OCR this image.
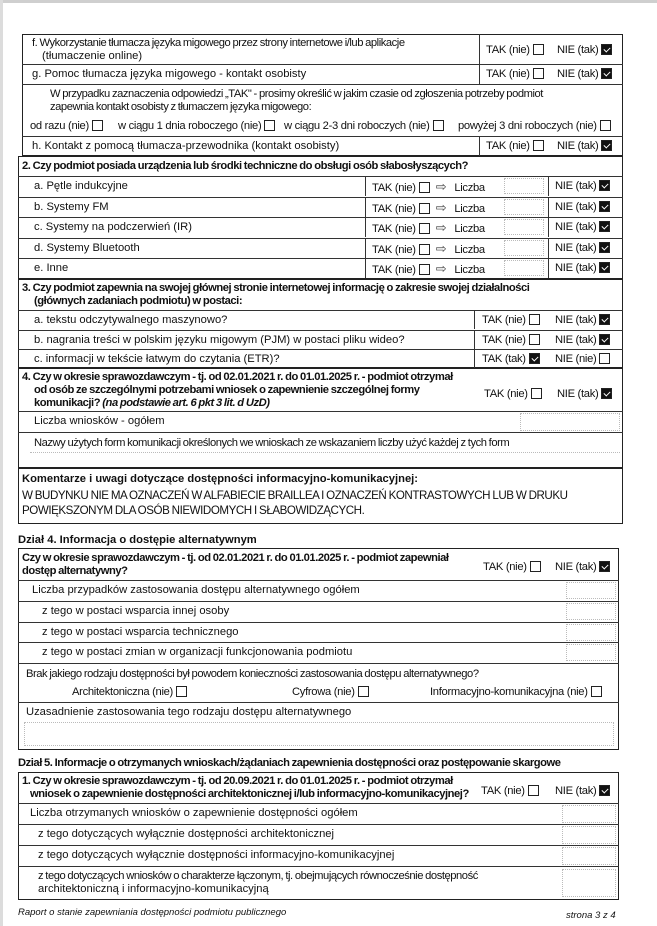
f. Wykorzystanie tłumacza języka migowego przez strony internetowe i/lub aplikacje
(tłumaczenie online)	TAK (nie)	NIE (tak)
g. Pomoc tłumacza języka migowego - kontakt osobisty	TAK (nie)	NIE (tak)
W przypadku zaznaczenia odpowiedzi „TAK" - prosimy określić w jakim czasie od zgłoszenia potrzeby podmiot
zapewnia kontakt osobisty z tłumaczem języka migowego:
od razu (nie)	w ciągu 1 dnia roboczego (nie)	w ciągu 2-3 dni roboczych (nie)	powyżej 3 dni roboczych (nie)
h. Kontakt z pomocą tłumacza-przewodnika (kontakt osobisty)	TAK (nie)	NIE (tak)
2. Czy podmiot posiada urządzenia lub środki techniczne do obsługi osób słabosłyszących?
a. Pętle indukcyjne	TAK (nie) ⇨ Liczba	NIE (tak)
b. Systemy FM	TAK (nie) ⇨ Liczba	NIE (tak)
c. Systemy na podczerwień (IR)	TAK (nie) ⇨ Liczba	NIE (tak)
d. Systemy Bluetooth	TAK (nie) ⇨ Liczba	NIE (tak)
e. Inne	TAK (nie) ⇨ Liczba	NIE (tak)
3. Czy podmiot zapewnia na swojej głównej stronie internetowej informację o zakresie swojej działalności
(głównych zadaniach podmiotu) w postaci:
a. tekstu odczytywalnego maszynowo?	TAK (nie)	NIE (tak)
b. nagrania treści w polskim języku migowym (PJM) w postaci pliku wideo?	TAK (nie)	NIE (tak)
c. informacji w tekście łatwym do czytania (ETR)?	TAK (tak)	NIE (nie)
4. Czy w okresie sprawozdawczym - tj. od 02.01.2021 r. do 01.01.2025 r. - podmiot otrzymał
od osób ze szczególnymi potrzebami wniosek o zapewnienie szczególnej formy
komunikacji? (na podstawie art. 6 pkt 3 lit. d UzD)
TAK (nie)	NIE (tak)
Liczba wniosków - ogółem
Nazwy użytych form komunikacji określonych we wnioskach ze wskazaniem liczby użyć każdej z tych form
Komentarze i uwagi dotyczące dostępności informacyjno-komunikacyjnej:
W BUDYNKU NIE MA OZNACZEŃ W ALFABIECIE BRAILLEA I OZNACZEŃ KONTRASTOWYCH LUB W DRUKU
POWIĘKSZONYM DLA OSÓB NIEWIDOMYCH I SŁABOWIDZĄCYCH.
Dział 4. Informacja o dostępie alternatywnym
Czy w okresie sprawozdawczym - tj. od 02.01.2021 r. do 01.01.2025 r. - podmiot zapewniał
dostęp alternatywny?	TAK (nie)	NIE (tak)
Liczba przypadków zastosowania dostępu alternatywnego ogółem
z tego w postaci wsparcia innej osoby
z tego w postaci wsparcia technicznego
z tego w postaci zmian w organizacji funkcjonowania podmiotu
Brak jakiego rodzaju dostępności był powodem konieczności zastosowania dostępu alternatywnego?
Architektoniczna (nie)	Cyfrowa (nie)	Informacyjno-komunikacyjna (nie)
Uzasadnienie zastosowania tego rodzaju dostępu alternatywnego
Dział 5. Informacje o otrzymanych wnioskach/żądaniach zapewnienia dostępności oraz postępowanie skargowe
1. Czy w okresie sprawozdawczym - tj. od 20.09.2021 r. do 01.01.2025 r. - podmiot otrzymał
wniosek o zapewnienie dostępności architektonicznej i/lub informacyjno-komunikacyjnej? TAK (nie)	NIE (tak)
Liczba otrzymanych wniosków o zapewnienie dostępności ogółem
z tego dotyczących wyłącznie dostępności architektonicznej
z tego dotyczących wyłącznie dostępności informacyjno-komunikacyjnej
z tego dotyczących wniosków o charakterze łączonym, tj. obejmujących równocześnie dostępność
architektoniczną i informacyjno-komunikacyjną
Raport o stanie zapewniania dostępności podmiotu publicznego	strona 3 z 4
